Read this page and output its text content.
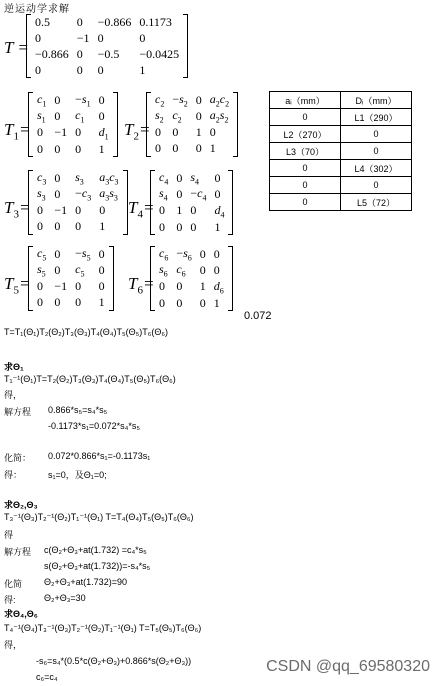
逆运动学求解
T =
0.5	0	−0.866	0.1173
0	−1	0	0
−0.866	0	−0.5	−0.0425
0	0	0	1
$T_1=$
$c_1$	0	$-s_1$	0
$s_1$	0	$c_1$	0
0	−1	0	$d_1$
0	0	0	1
$T_2=$
$c_2$	$-s_2$	0	$a_2c_2$
$s_2$	$c_2$	0	$a_2s_2$
0	0	1	0
0	0	0	1
aᵢ（mm）	Dᵢ（mm）
0	L1（290）
L2（270）	0
L3（70）	0
0	L4（302）
0	0
0	L5（72）
$T_3=$
$c_3$	0	$s_3$	$a_3c_3$
$s_3$	0	$-c_3$	$a_3s_3$
0	−1	0	0
0	0	0	1
$T_4=$
$c_4$	0	$s_4$	0
$s_4$	0	$-c_4$	0
0	1	0	$d_4$
0	0	0	1
$T_5=$
$c_5$	0	$-s_5$	0
$s_5$	0	$c_5$	0
0	−1	0	0
0	0	0	1
$T_6=$
$c_6$	$-s_6$	0	0
$s_6$	$c_6$	0	0
0	0	1	$d_6$
0	0	0	1
0.072
T=T₁(Θ₁)T₂(Θ₂)T₃(Θ₃)T₄(Θ₄)T₅(Θ₅)T₆(Θ₆)
求Θ₁
T₁⁻¹(Θ₁)T=T₂(Θ₂)T₃(Θ₃)T₄(Θ₄)T₅(Θ₅)T₆(Θ₆)
得，
解方程 0.866*s₅=s₄*s₅
-0.1173*s₁=0.072*s₄*s₅
化简： 0.072*0.866*s₁=-0.1173s₁
得：	s₁=0，及Θ₁=0;
求Θ₂,Θ₃
T₃⁻¹(Θ₃)T₂⁻¹(Θ₂)T₁⁻¹(Θ₁) T=T₄(Θ₄)T₅(Θ₅)T₆(Θ₆)
得
解方程 c(Θ₂+Θ₃+at(1.732) =c₄*s₅
s(Θ₂+Θ₃+at(1.732))=-s₄*s₅
化简 Θ₂+Θ₃+at(1.732)=90
得:	Θ₂+Θ₃=30
求Θ₄,Θ₆
T₄⁻¹(Θ₄)T₃⁻¹(Θ₃)T₂⁻¹(Θ₂)T₁⁻¹(Θ₁) T=T₅(Θ₅)T₆(Θ₆)
得，
-s₆=s₄*(0.5*c(Θ₂+Θ₃)+0.866*s(Θ₂+Θ₃))
c₆=c₄
CSDN @qq_69580320
